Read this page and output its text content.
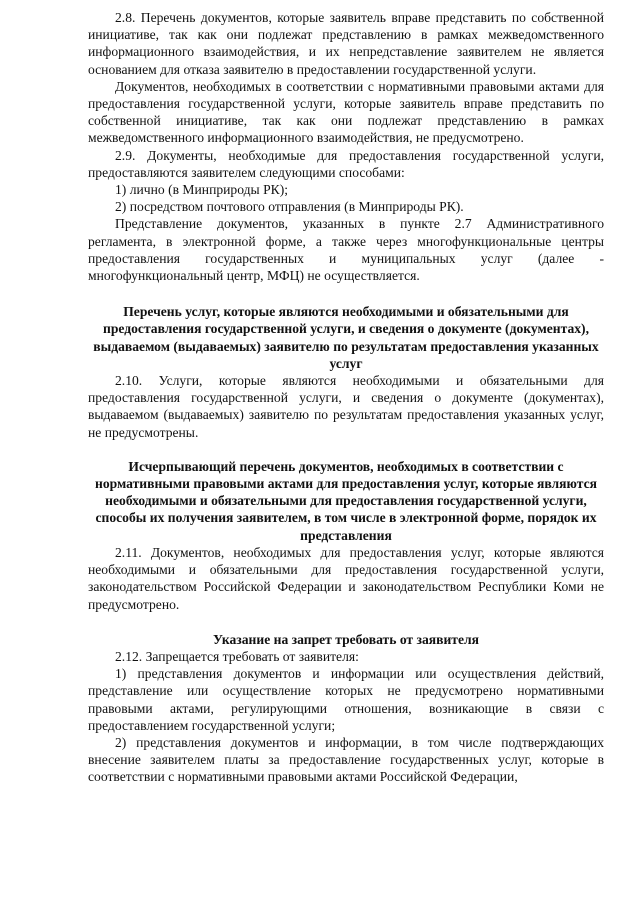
2.8. Перечень документов, которые заявитель вправе представить по собственной инициативе, так как они подлежат представлению в рамках межведомственного информационного взаимодействия, и их непредставление заявителем не является основанием для отказа заявителю в предоставлении государственной услуги.

Документов, необходимых в соответствии с нормативными правовыми актами для предоставления государственной услуги, которые заявитель вправе представить по собственной инициативе, так как они подлежат представлению в рамках межведомственного информационного взаимодействия, не предусмотрено.

2.9. Документы, необходимые для предоставления государственной услуги, предоставляются заявителем следующими способами:

1) лично (в Минприроды РК);

2) посредством почтового отправления (в Минприроды РК).

Представление документов, указанных в пункте 2.7 Административного регламента, в электронной форме, а также через многофункциональные центры предоставления государственных и муниципальных услуг (далее - многофункциональный центр, МФЦ) не осуществляется.

Перечень услуг, которые являются необходимыми и обязательными для предоставления государственной услуги, и сведения о документе (документах), выдаваемом (выдаваемых) заявителю по результатам предоставления указанных услуг

2.10. Услуги, которые являются необходимыми и обязательными для предоставления государственной услуги, и сведения о документе (документах), выдаваемом (выдаваемых) заявителю по результатам предоставления указанных услуг, не предусмотрены.

Исчерпывающий перечень документов, необходимых в соответствии с нормативными правовыми актами для предоставления услуг, которые являются необходимыми и обязательными для предоставления государственной услуги, способы их получения заявителем, в том числе в электронной форме, порядок их представления

2.11. Документов, необходимых для предоставления услуг, которые являются необходимыми и обязательными для предоставления государственной услуги, законодательством Российской Федерации и законодательством Республики Коми не предусмотрено.

Указание на запрет требовать от заявителя

2.12. Запрещается требовать от заявителя:

1) представления документов и информации или осуществления действий, представление или осуществление которых не предусмотрено нормативными правовыми актами, регулирующими отношения, возникающие в связи с предоставлением государственной услуги;

2) представления документов и информации, в том числе подтверждающих внесение заявителем платы за предоставление государственных услуг, которые в соответствии с нормативными правовыми актами Российской Федерации,
